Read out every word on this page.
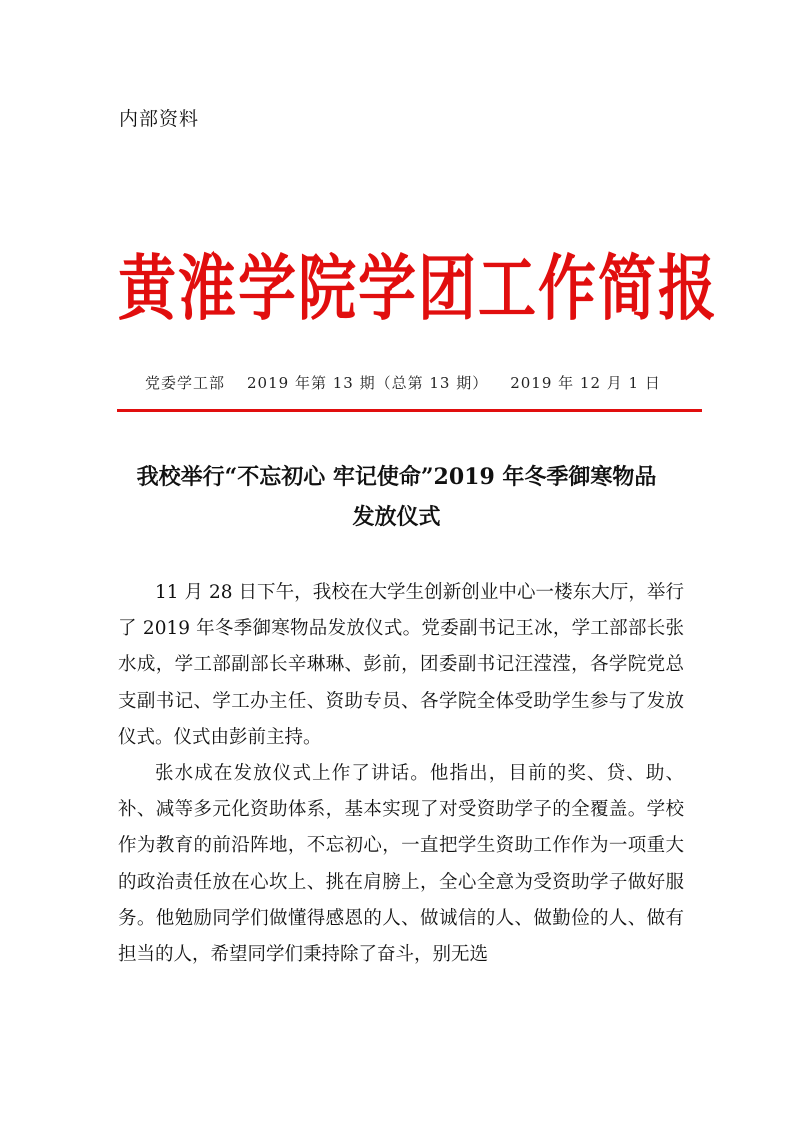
内部资料
黄淮学院学团工作简报
党委学工部 2019 年第 13 期（总第 13 期） 2019 年 12 月 1 日
我校举行“不忘初心 牢记使命”2019 年冬季御寒物品
发放仪式

11 月 28 日下午，我校在大学生创新创业中心一楼东大厅，举行了 2019 年冬季御寒物品发放仪式。党委副书记王冰，学工部部长张水成，学工部副部长辛琳琳、彭前，团委副书记汪滢滢，各学院党总支副书记、学工办主任、资助专员、各学院全体受助学生参与了发放仪式。仪式由彭前主持。

张水成在发放仪式上作了讲话。他指出，目前的奖、贷、助、补、减等多元化资助体系，基本实现了对受资助学子的全覆盖。学校作为教育的前沿阵地，不忘初心，一直把学生资助工作作为一项重大的政治责任放在心坎上、挑在肩膀上，全心全意为受资助学子做好服务。他勉励同学们做懂得感恩的人、做诚信的人、做勤俭的人、做有担当的人，希望同学们秉持除了奋斗，别无选
